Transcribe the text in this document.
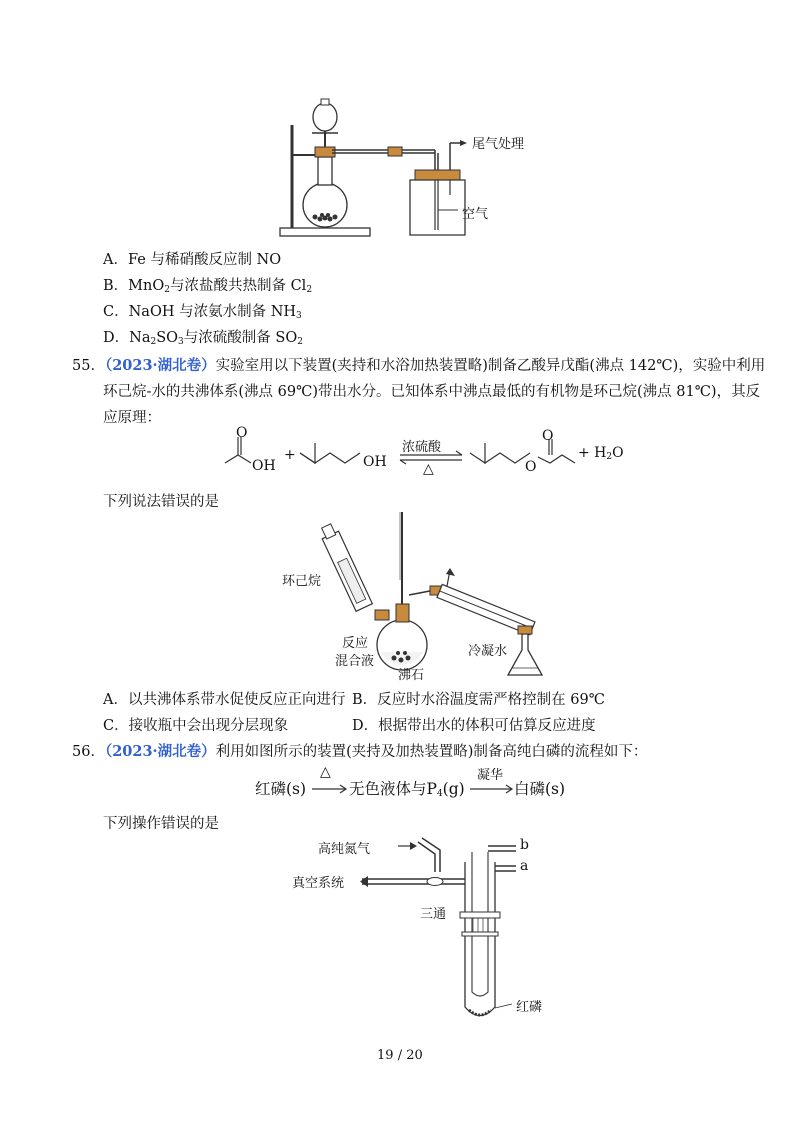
尾气处理
空气
A．Fe 与稀硝酸反应制 NO
B．MnO$_2$与浓盐酸共热制备 $Cl_2$
C．NaOH 与浓氨水制备 $NH_3$
D．$Na_2SO_3$与浓硫酸制备 $SO_2$
55．（2023·湖北卷）实验室用以下装置(夹持和水浴加热装置略)制备乙酸异戊酯(沸点 142℃)，实验中利用
环己烷-水的共沸体系(沸点 69℃)带出水分。已知体系中沸点最低的有机物是环己烷(沸点 81℃)，其反
应原理：
O
OH
+	OH
浓硫酸
△	O
O
+ $H_2O$
下列说法错误的是
环己烷
反应
混合液
沸石
冷凝水
A．以共沸体系带水促使反应正向进行 B．反应时水浴温度需严格控制在 69℃
C．接收瓶中会出现分层现象	D．根据带出水的体积可估算反应进度
56．（2023·湖北卷）利用如图所示的装置(夹持及加热装置略)制备高纯白磷的流程如下：
红磷(s)
△
无色液体与$P_4(g)$
凝华
白磷(s)
下列操作错误的是
高纯氮气
真空系统
三通
b
a
红磷
19 / 20
